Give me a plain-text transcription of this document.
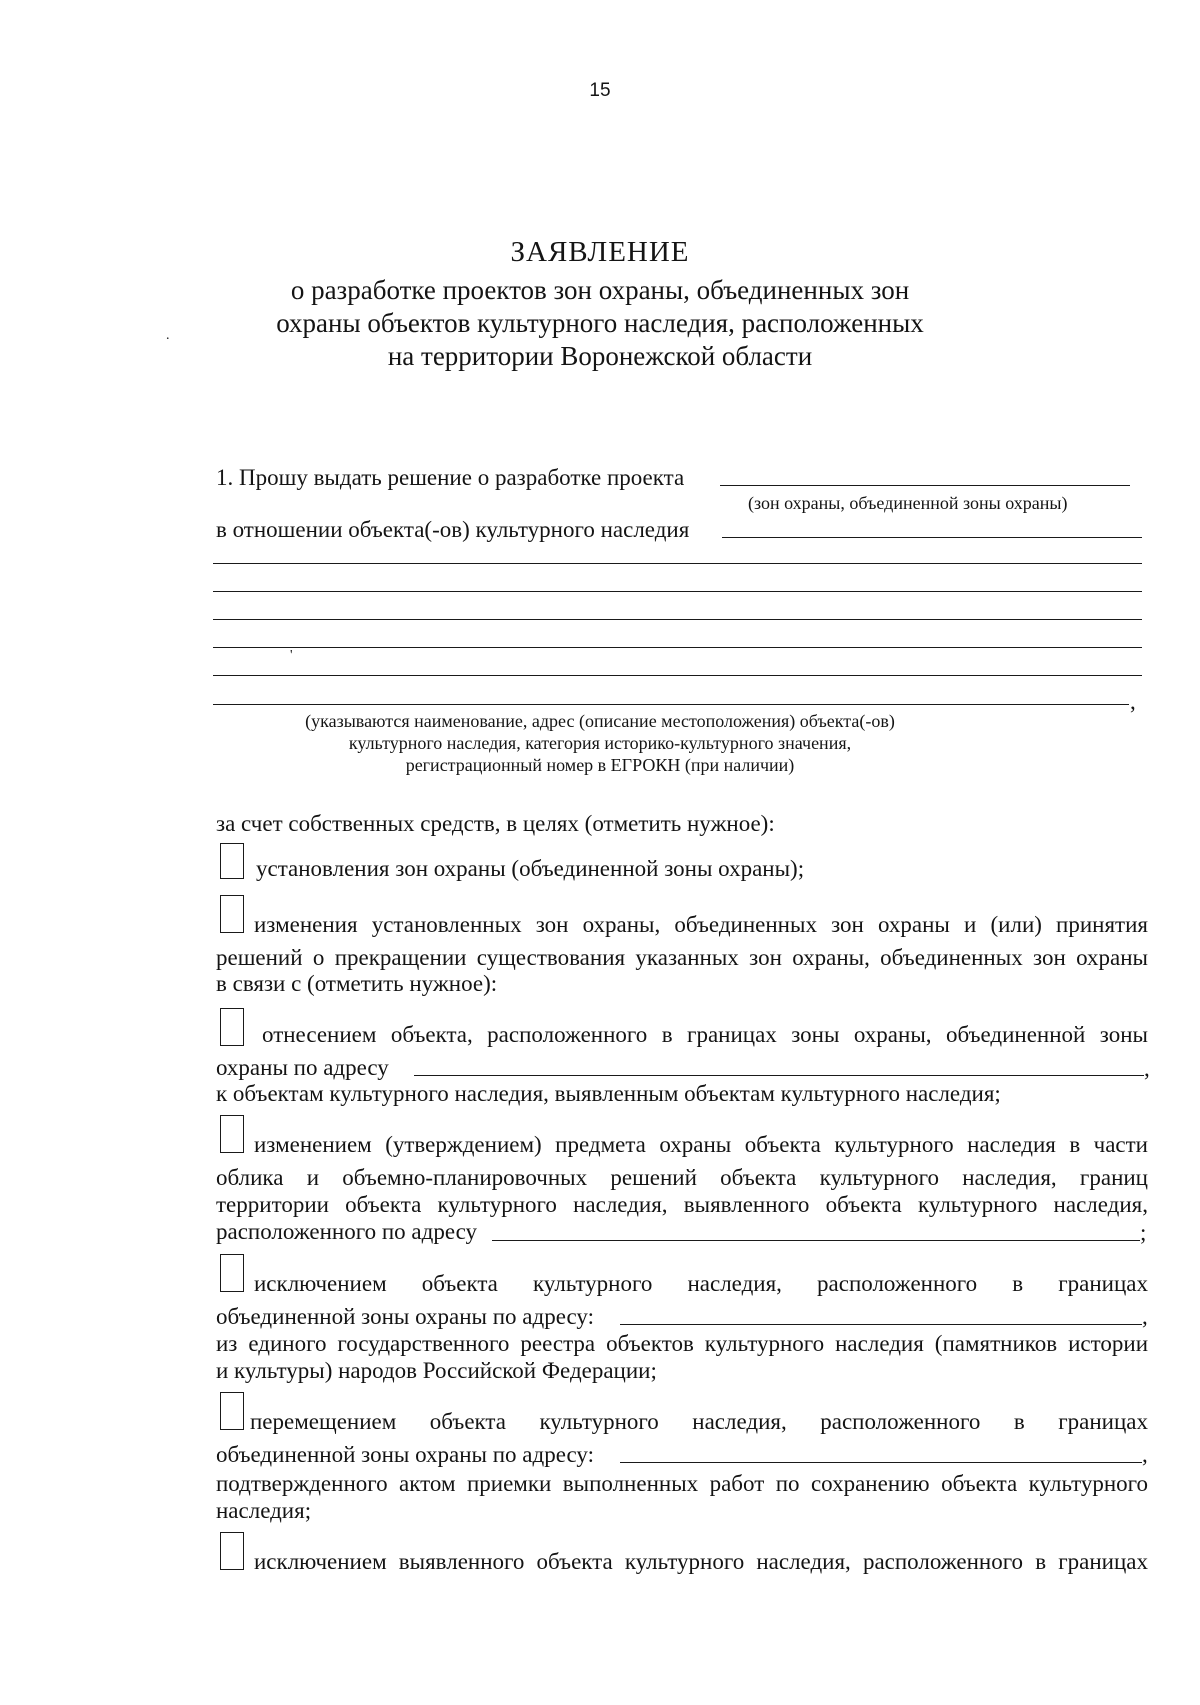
15
.
ЗАЯВЛЕНИЕ
о разработке проектов зон охраны, объединенных зон
охраны объектов культурного наследия, расположенных
на территории Воронежской области
1. Прошу выдать решение о разработке проекта
(зон охраны, объединенной зоны охраны)
в отношении объекта(-ов) культурного наследия
,
'
(указываются наименование, адрес (описание местоположения) объекта(-ов)
культурного наследия, категория историко-культурного значения,
регистрационный номер в ЕГРОКН (при наличии)
за счет собственных средств, в целях (отметить нужное):
установления зон охраны (объединенной зоны охраны);
изменения установленных зон охраны, объединенных зон охраны и (или) принятия
решений о прекращении существования указанных зон охраны, объединенных зон охраны
в связи с (отметить нужное):
отнесением объекта, расположенного в границах зоны охраны, объединенной зоны
охраны по адресу	,
к объектам культурного наследия, выявленным объектам культурного наследия;
изменением (утверждением) предмета охраны объекта культурного наследия в части
облика и объемно-планировочных решений объекта культурного наследия, границ
территории объекта культурного наследия, выявленного объекта культурного наследия,
расположенного по адресу	;
исключением объекта культурного наследия, расположенного в границах
объединенной зоны охраны по адресу:	,
из единого государственного реестра объектов культурного наследия (памятников истории
и культуры) народов Российской Федерации;
перемещением объекта культурного наследия, расположенного в границах
объединенной зоны охраны по адресу:	,
подтвержденного актом приемки выполненных работ по сохранению объекта культурного
наследия;
исключением выявленного объекта культурного наследия, расположенного в границах
